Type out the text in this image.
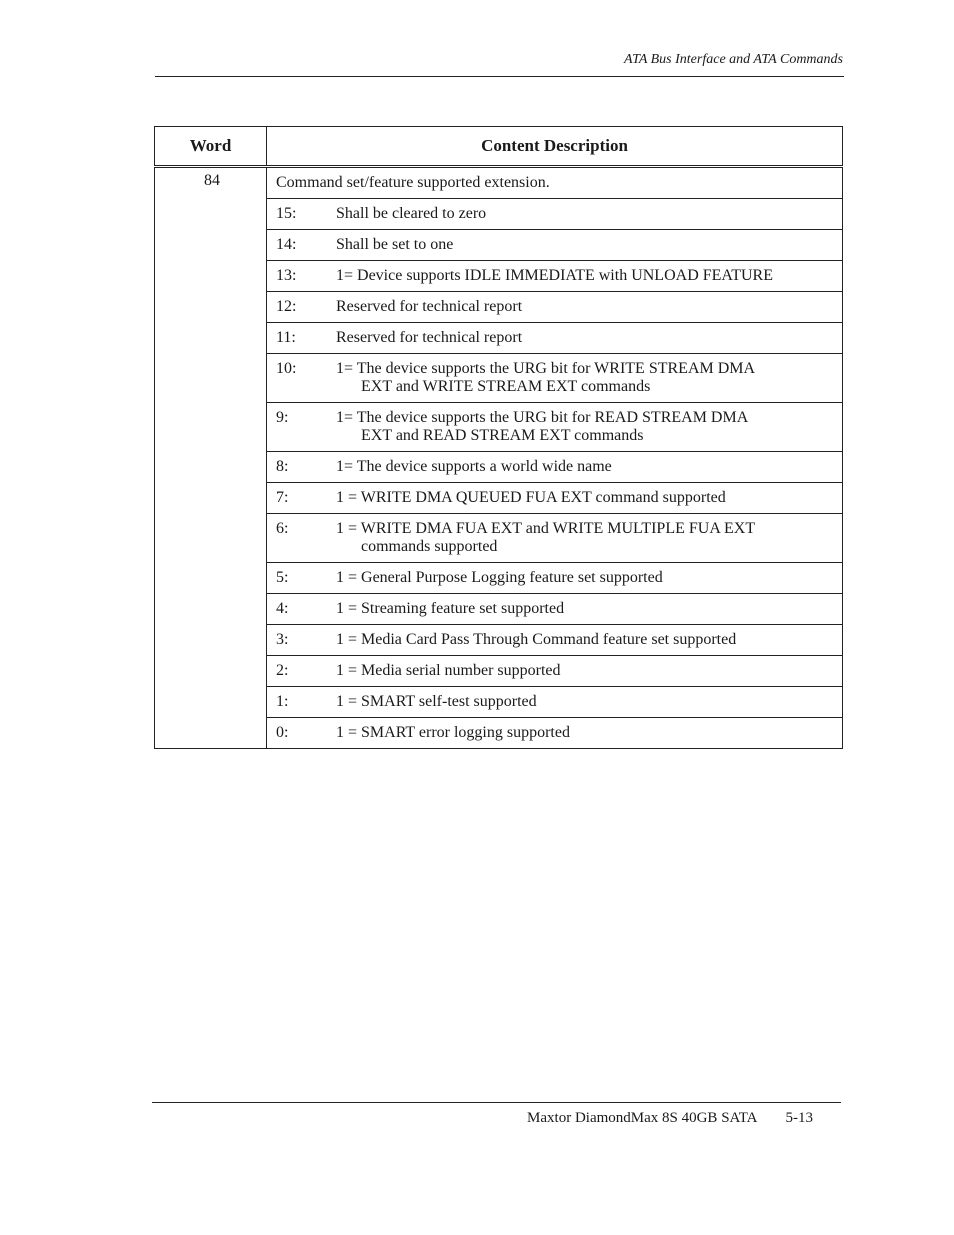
ATA Bus Interface and ATA Commands
Word	Content Description
84	Command set/feature supported extension.

	15: Shall be cleared to zero

	14: Shall be set to one

	13: 1= Device supports IDLE IMMEDIATE with UNLOAD FEATURE

	12: Reserved for technical report

	11: Reserved for technical report

	10: 1= The device supports the URG bit for WRITE STREAM DMA
EXT and WRITE STREAM EXT commands

	9: 1= The device supports the URG bit for READ STREAM DMA
EXT and READ STREAM EXT commands

	8: 1= The device supports a world wide name

	7: 1 = WRITE DMA QUEUED FUA EXT command supported

	6: 1 = WRITE DMA FUA EXT and WRITE MULTIPLE FUA EXT
commands supported

	5: 1 = General Purpose Logging feature set supported

	4: 1 = Streaming feature set supported

	3: 1 = Media Card Pass Through Command feature set supported

	2: 1 = Media serial number supported

	1: 1 = SMART self-test supported

	0: 1 = SMART error logging supported
Maxtor DiamondMax 8S 40GB SATA 5-13
